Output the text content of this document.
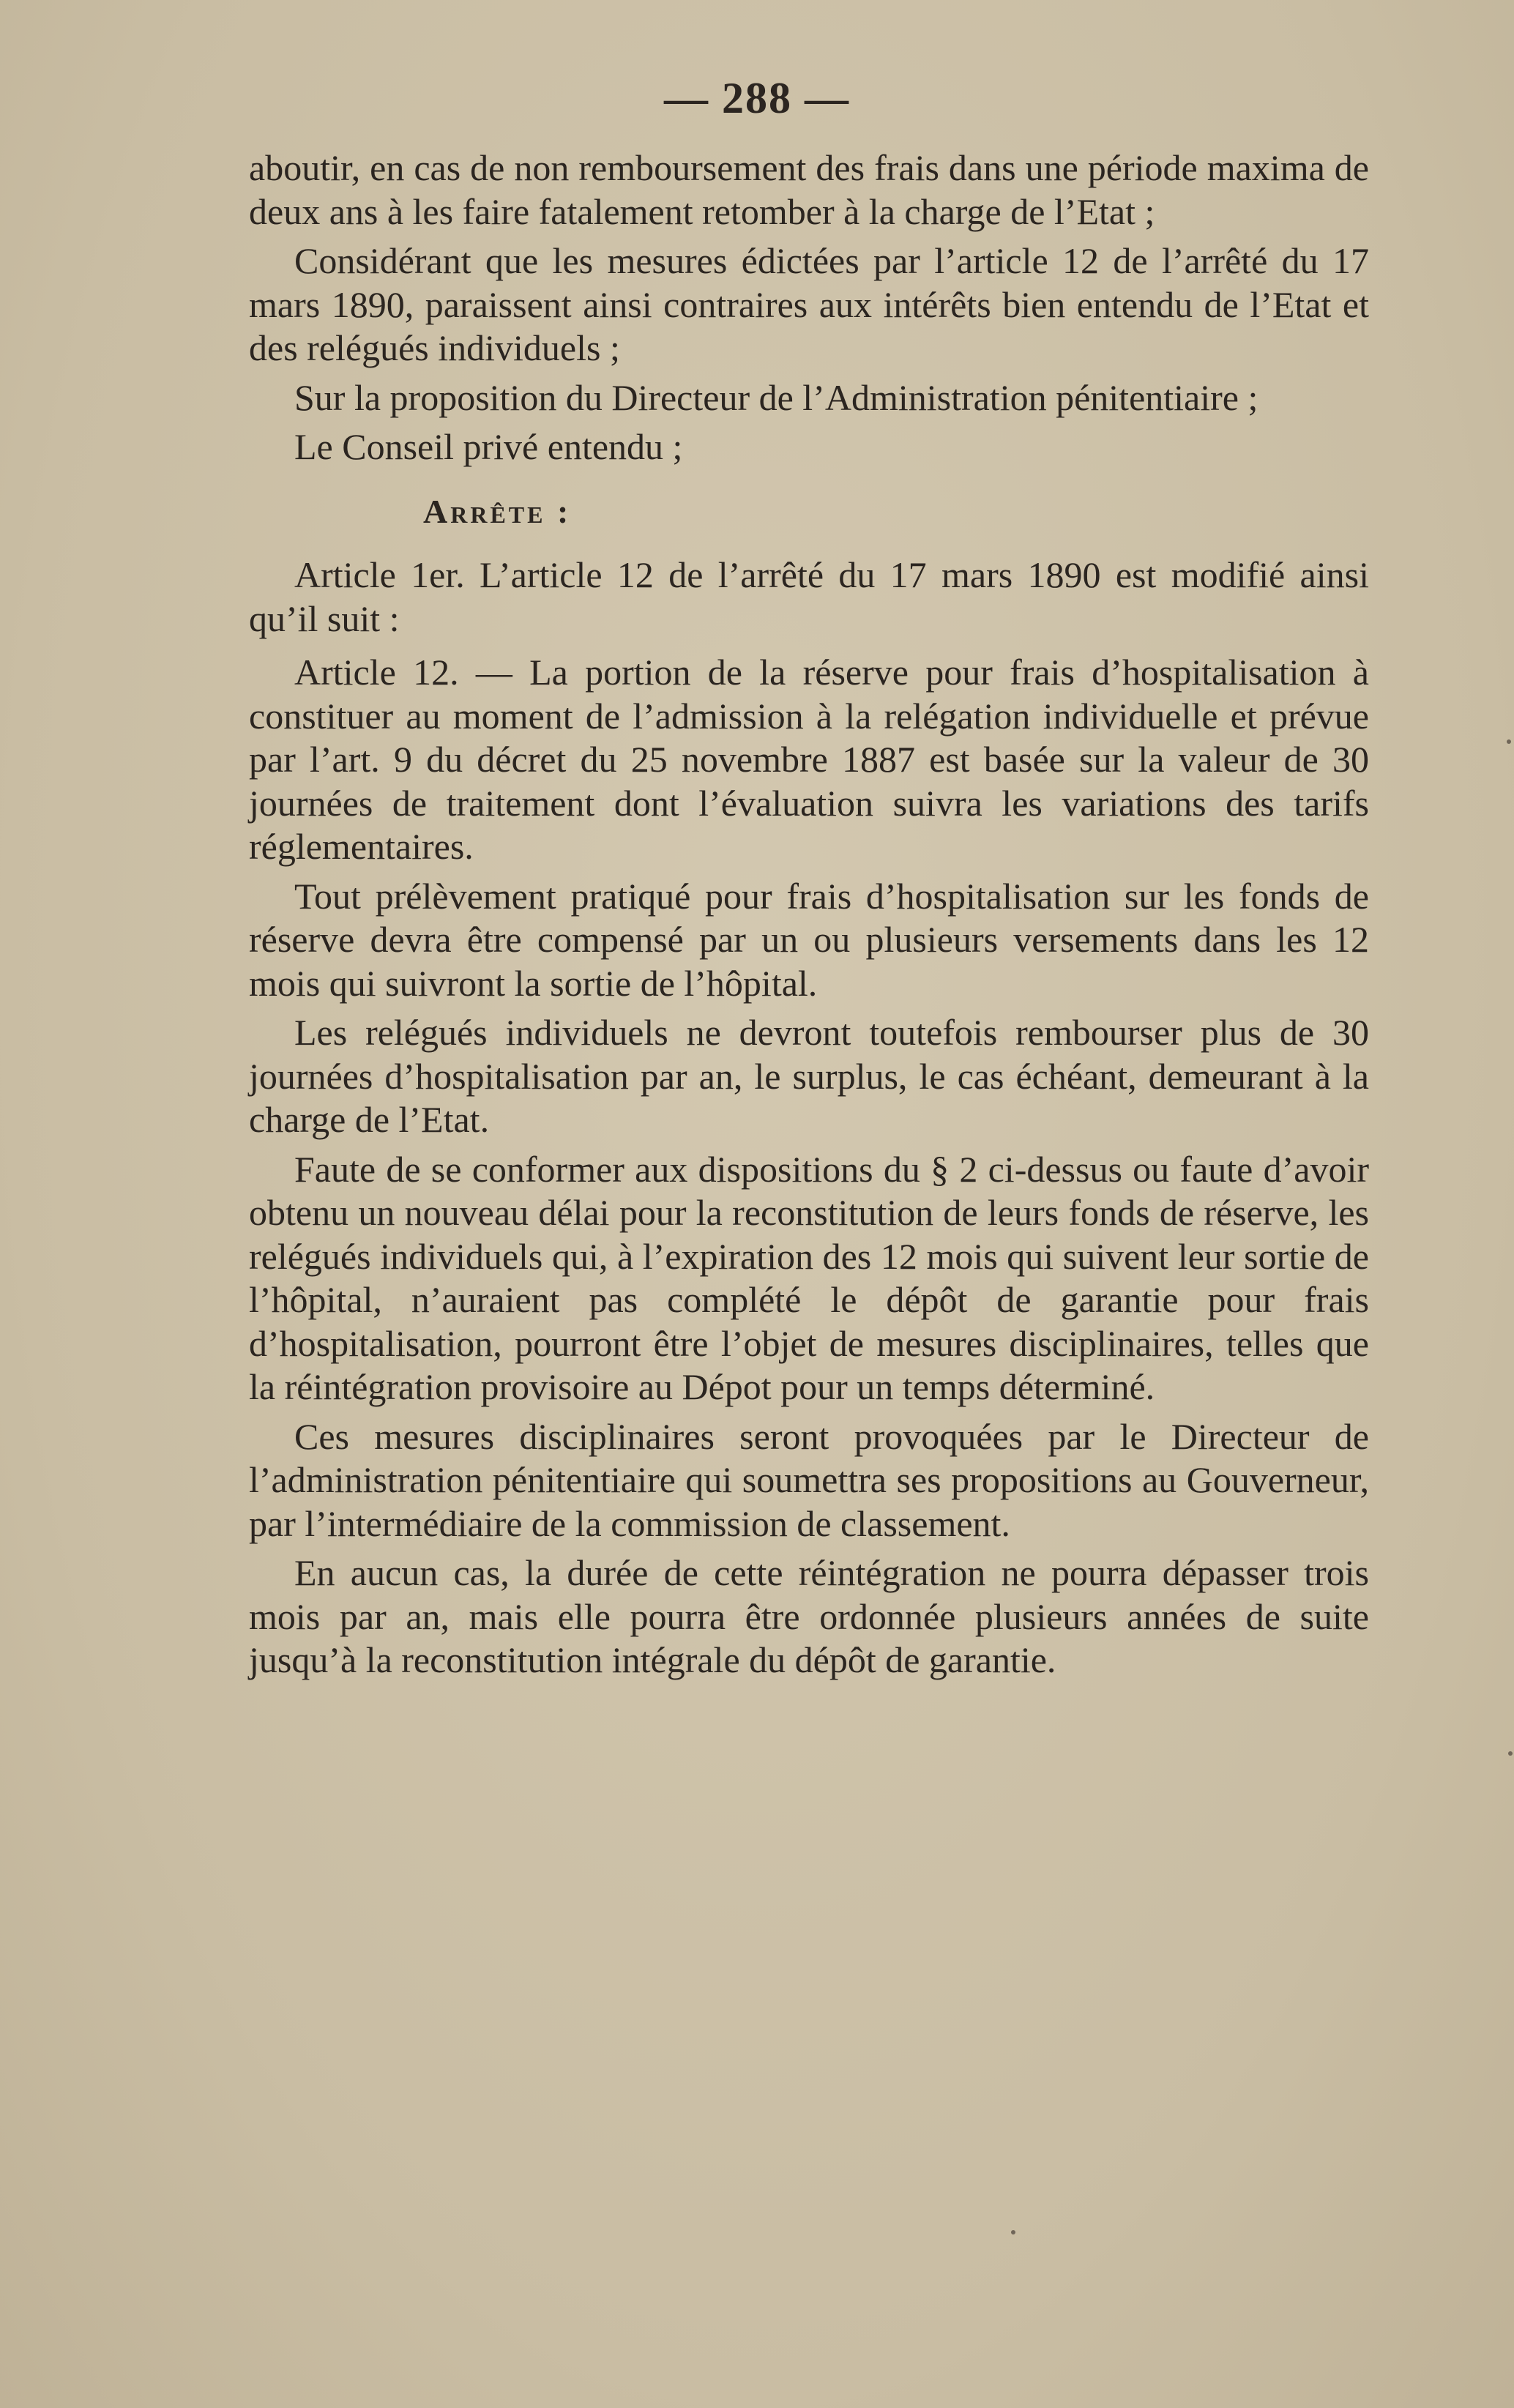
— 288 —

aboutir, en cas de non remboursement des frais dans une période maxima de deux ans à les faire fatalement retomber à la charge de l’Etat ;

Considérant que les mesures édictées par l’article 12 de l’arrêté du 17 mars 1890, paraissent ainsi contraires aux intérêts bien entendu de l’Etat et des relégués individuels ;

Sur la proposition du Directeur de l’Administration pénitentiaire ;

Le Conseil privé entendu ;

Arrête :

Article 1er. L’article 12 de l’arrêté du 17 mars 1890 est modifié ainsi qu’il suit :

Article 12. — La portion de la réserve pour frais d’hospitalisation à constituer au moment de l’admission à la relégation individuelle et prévue par l’art. 9 du décret du 25 novembre 1887 est basée sur la valeur de 30 journées de traitement dont l’évaluation suivra les variations des tarifs réglementaires.

Tout prélèvement pratiqué pour frais d’hospitalisation sur les fonds de réserve devra être compensé par un ou plusieurs versements dans les 12 mois qui suivront la sortie de l’hôpital.

Les relégués individuels ne devront toutefois rembourser plus de 30 journées d’hospitalisation par an, le surplus, le cas échéant, demeurant à la charge de l’Etat.

Faute de se conformer aux dispositions du § 2 ci-dessus ou faute d’avoir obtenu un nouveau délai pour la reconstitution de leurs fonds de réserve, les relégués individuels qui, à l’expiration des 12 mois qui suivent leur sortie de l’hôpital, n’auraient pas complété le dépôt de garantie pour frais d’hospitalisation, pourront être l’objet de mesures disciplinaires, telles que la réintégration provisoire au Dépot pour un temps déterminé.

Ces mesures disciplinaires seront provoquées par le Directeur de l’administration pénitentiaire qui soumettra ses propositions au Gouverneur, par l’intermédiaire de la commission de classement.

En aucun cas, la durée de cette réintégration ne pourra dépasser trois mois par an, mais elle pourra être ordonnée plusieurs années de suite jusqu’à la reconstitution intégrale du dépôt de garantie.
